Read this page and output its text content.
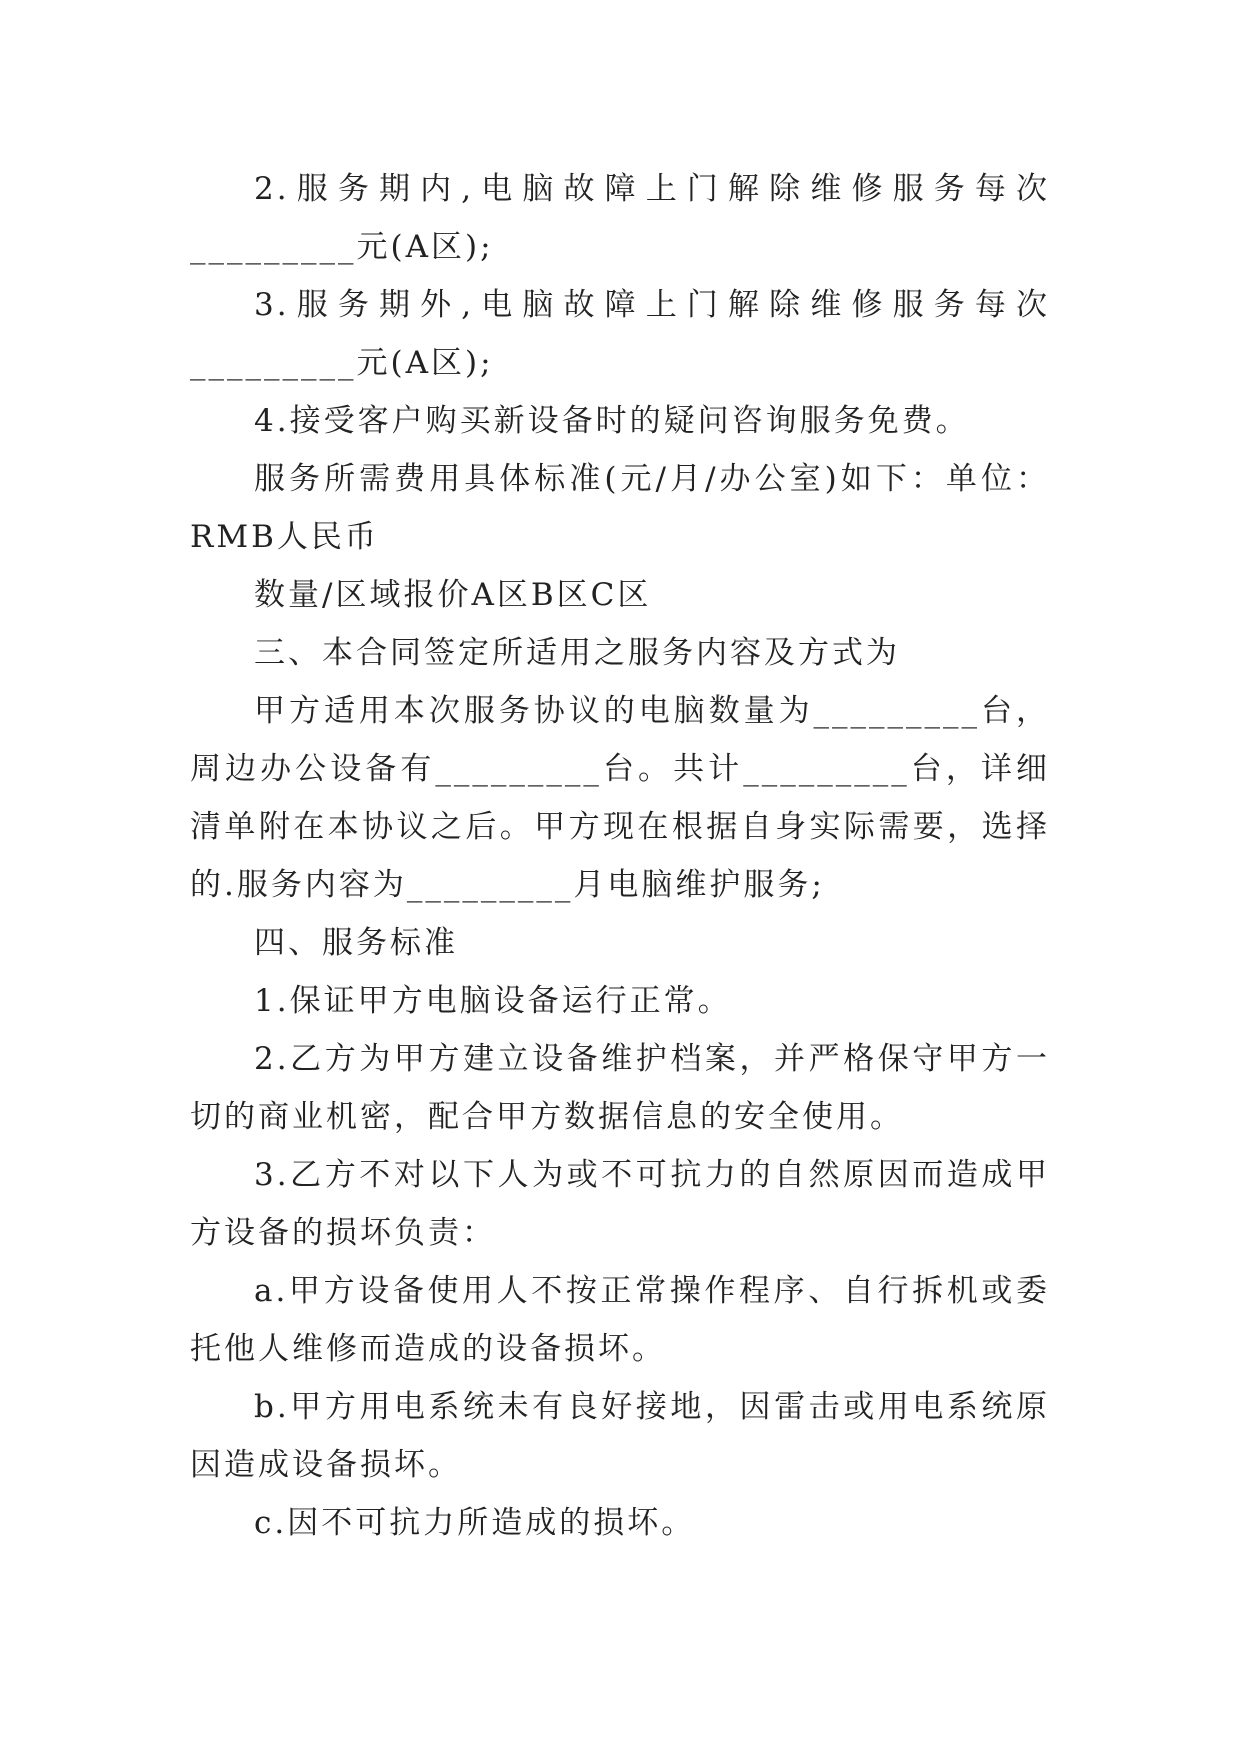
2.服务期内,电脑故障上门解除维修服务每次_________元(A区);

3.服务期外,电脑故障上门解除维修服务每次_________元(A区);

4.接受客户购买新设备时的疑问咨询服务免费。

服务所需费用具体标准(元/月/办公室)如下：单位：RMB人民币

数量/区域报价A区B区C区

三、本合同签定所适用之服务内容及方式为

甲方适用本次服务协议的电脑数量为_________台，周边办公设备有_________台。共计_________台，详细清单附在本协议之后。甲方现在根据自身实际需要，选择的.服务内容为_________月电脑维护服务;

四、服务标准

1.保证甲方电脑设备运行正常。

2.乙方为甲方建立设备维护档案，并严格保守甲方一切的商业机密，配合甲方数据信息的安全使用。

3.乙方不对以下人为或不可抗力的自然原因而造成甲方设备的损坏负责：

a.甲方设备使用人不按正常操作程序、自行拆机或委托他人维修而造成的设备损坏。

b.甲方用电系统未有良好接地，因雷击或用电系统原因造成设备损坏。

c.因不可抗力所造成的损坏。
